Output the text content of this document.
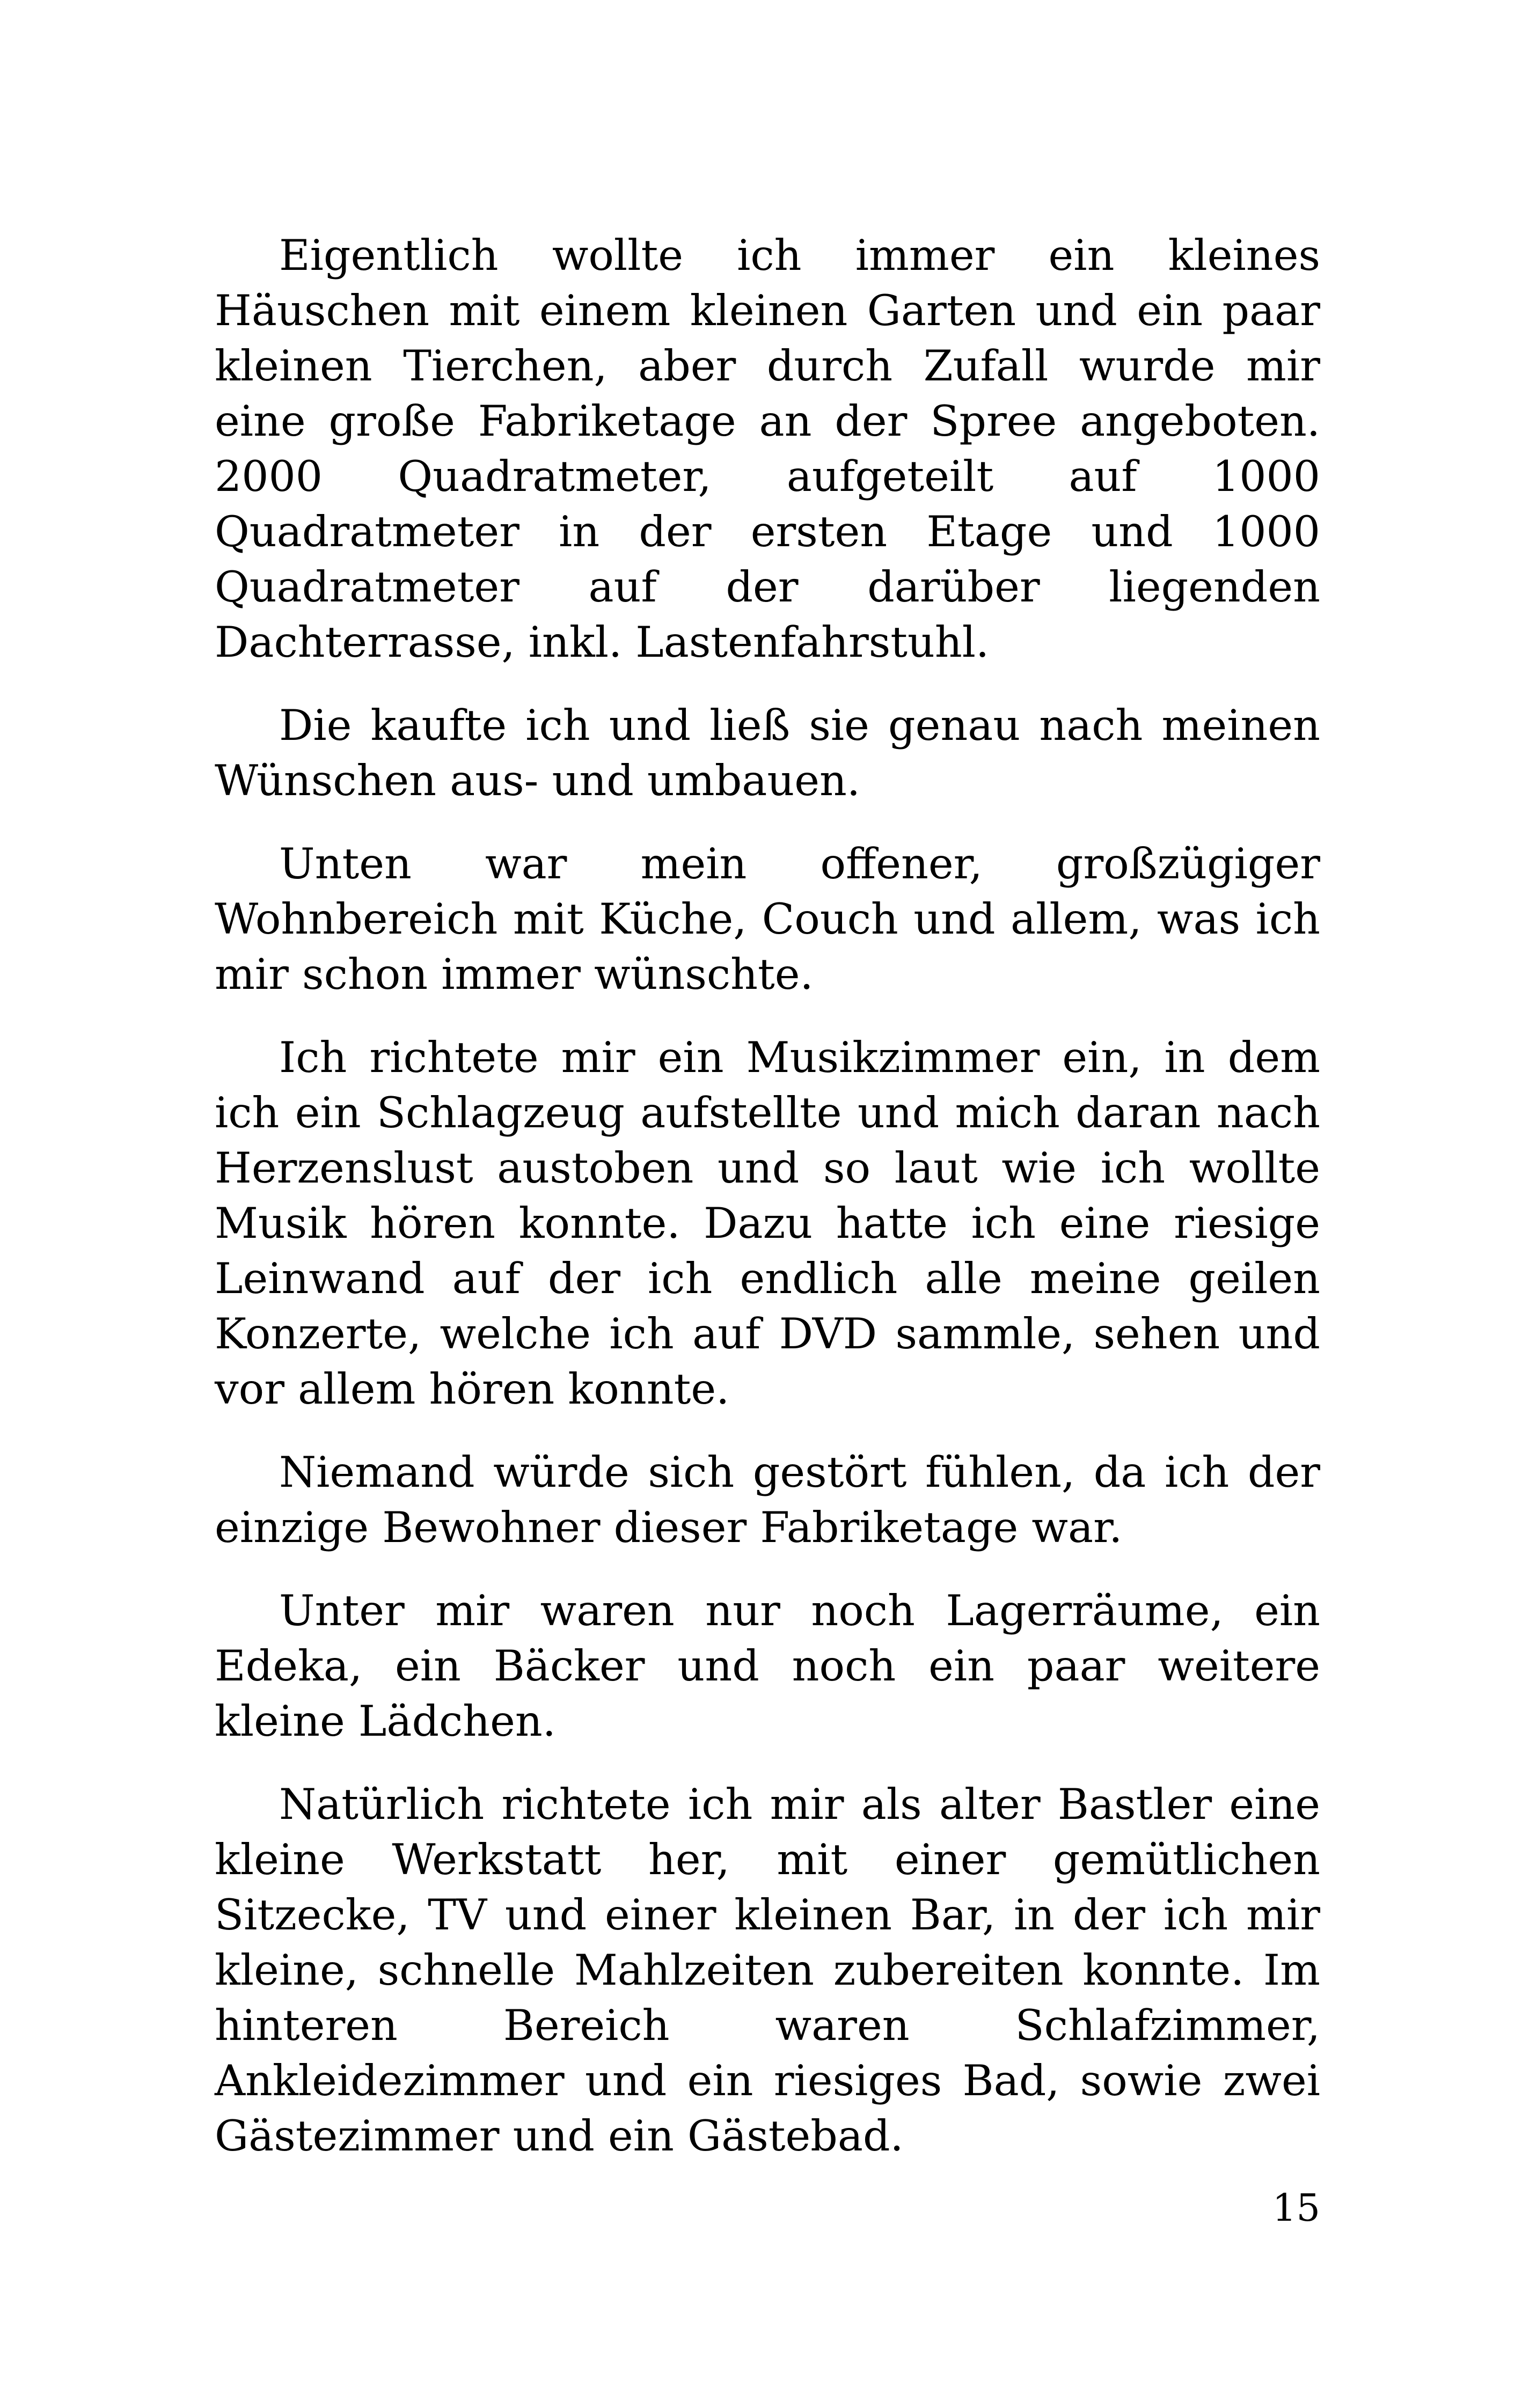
Eigentlich wollte ich immer ein kleines Häuschen mit einem kleinen Garten und ein paar kleinen Tierchen, aber durch Zufall wurde mir eine große Fabriketage an der Spree angeboten. 2000 Quadratmeter, aufgeteilt auf 1000 Quadratmeter in der ersten Etage und 1000 Quadratmeter auf der darüber liegenden Dachterrasse, inkl. Lastenfahrstuhl.

Die kaufte ich und ließ sie genau nach meinen Wünschen aus- und umbauen.

Unten war mein offener, großzügiger Wohnbereich mit Küche, Couch und allem, was ich mir schon immer wünschte.

Ich richtete mir ein Musikzimmer ein, in dem ich ein Schlagzeug aufstellte und mich daran nach Herzenslust austoben und so laut wie ich wollte Musik hören konnte. Dazu hatte ich eine riesige Leinwand auf der ich endlich alle meine geilen Konzerte, welche ich auf DVD sammle, sehen und vor allem hören konnte.

Niemand würde sich gestört fühlen, da ich der einzige Bewohner dieser Fabriketage war.

Unter mir waren nur noch Lagerräume, ein Edeka, ein Bäcker und noch ein paar weitere kleine Lädchen.

Natürlich richtete ich mir als alter Bastler eine kleine Werkstatt her, mit einer gemütlichen Sitzecke, TV und einer kleinen Bar, in der ich mir kleine, schnelle Mahlzeiten zubereiten konnte. Im hinteren Bereich waren Schlafzimmer, Ankleidezimmer und ein riesiges Bad, sowie zwei Gästezimmer und ein Gästebad.

15
